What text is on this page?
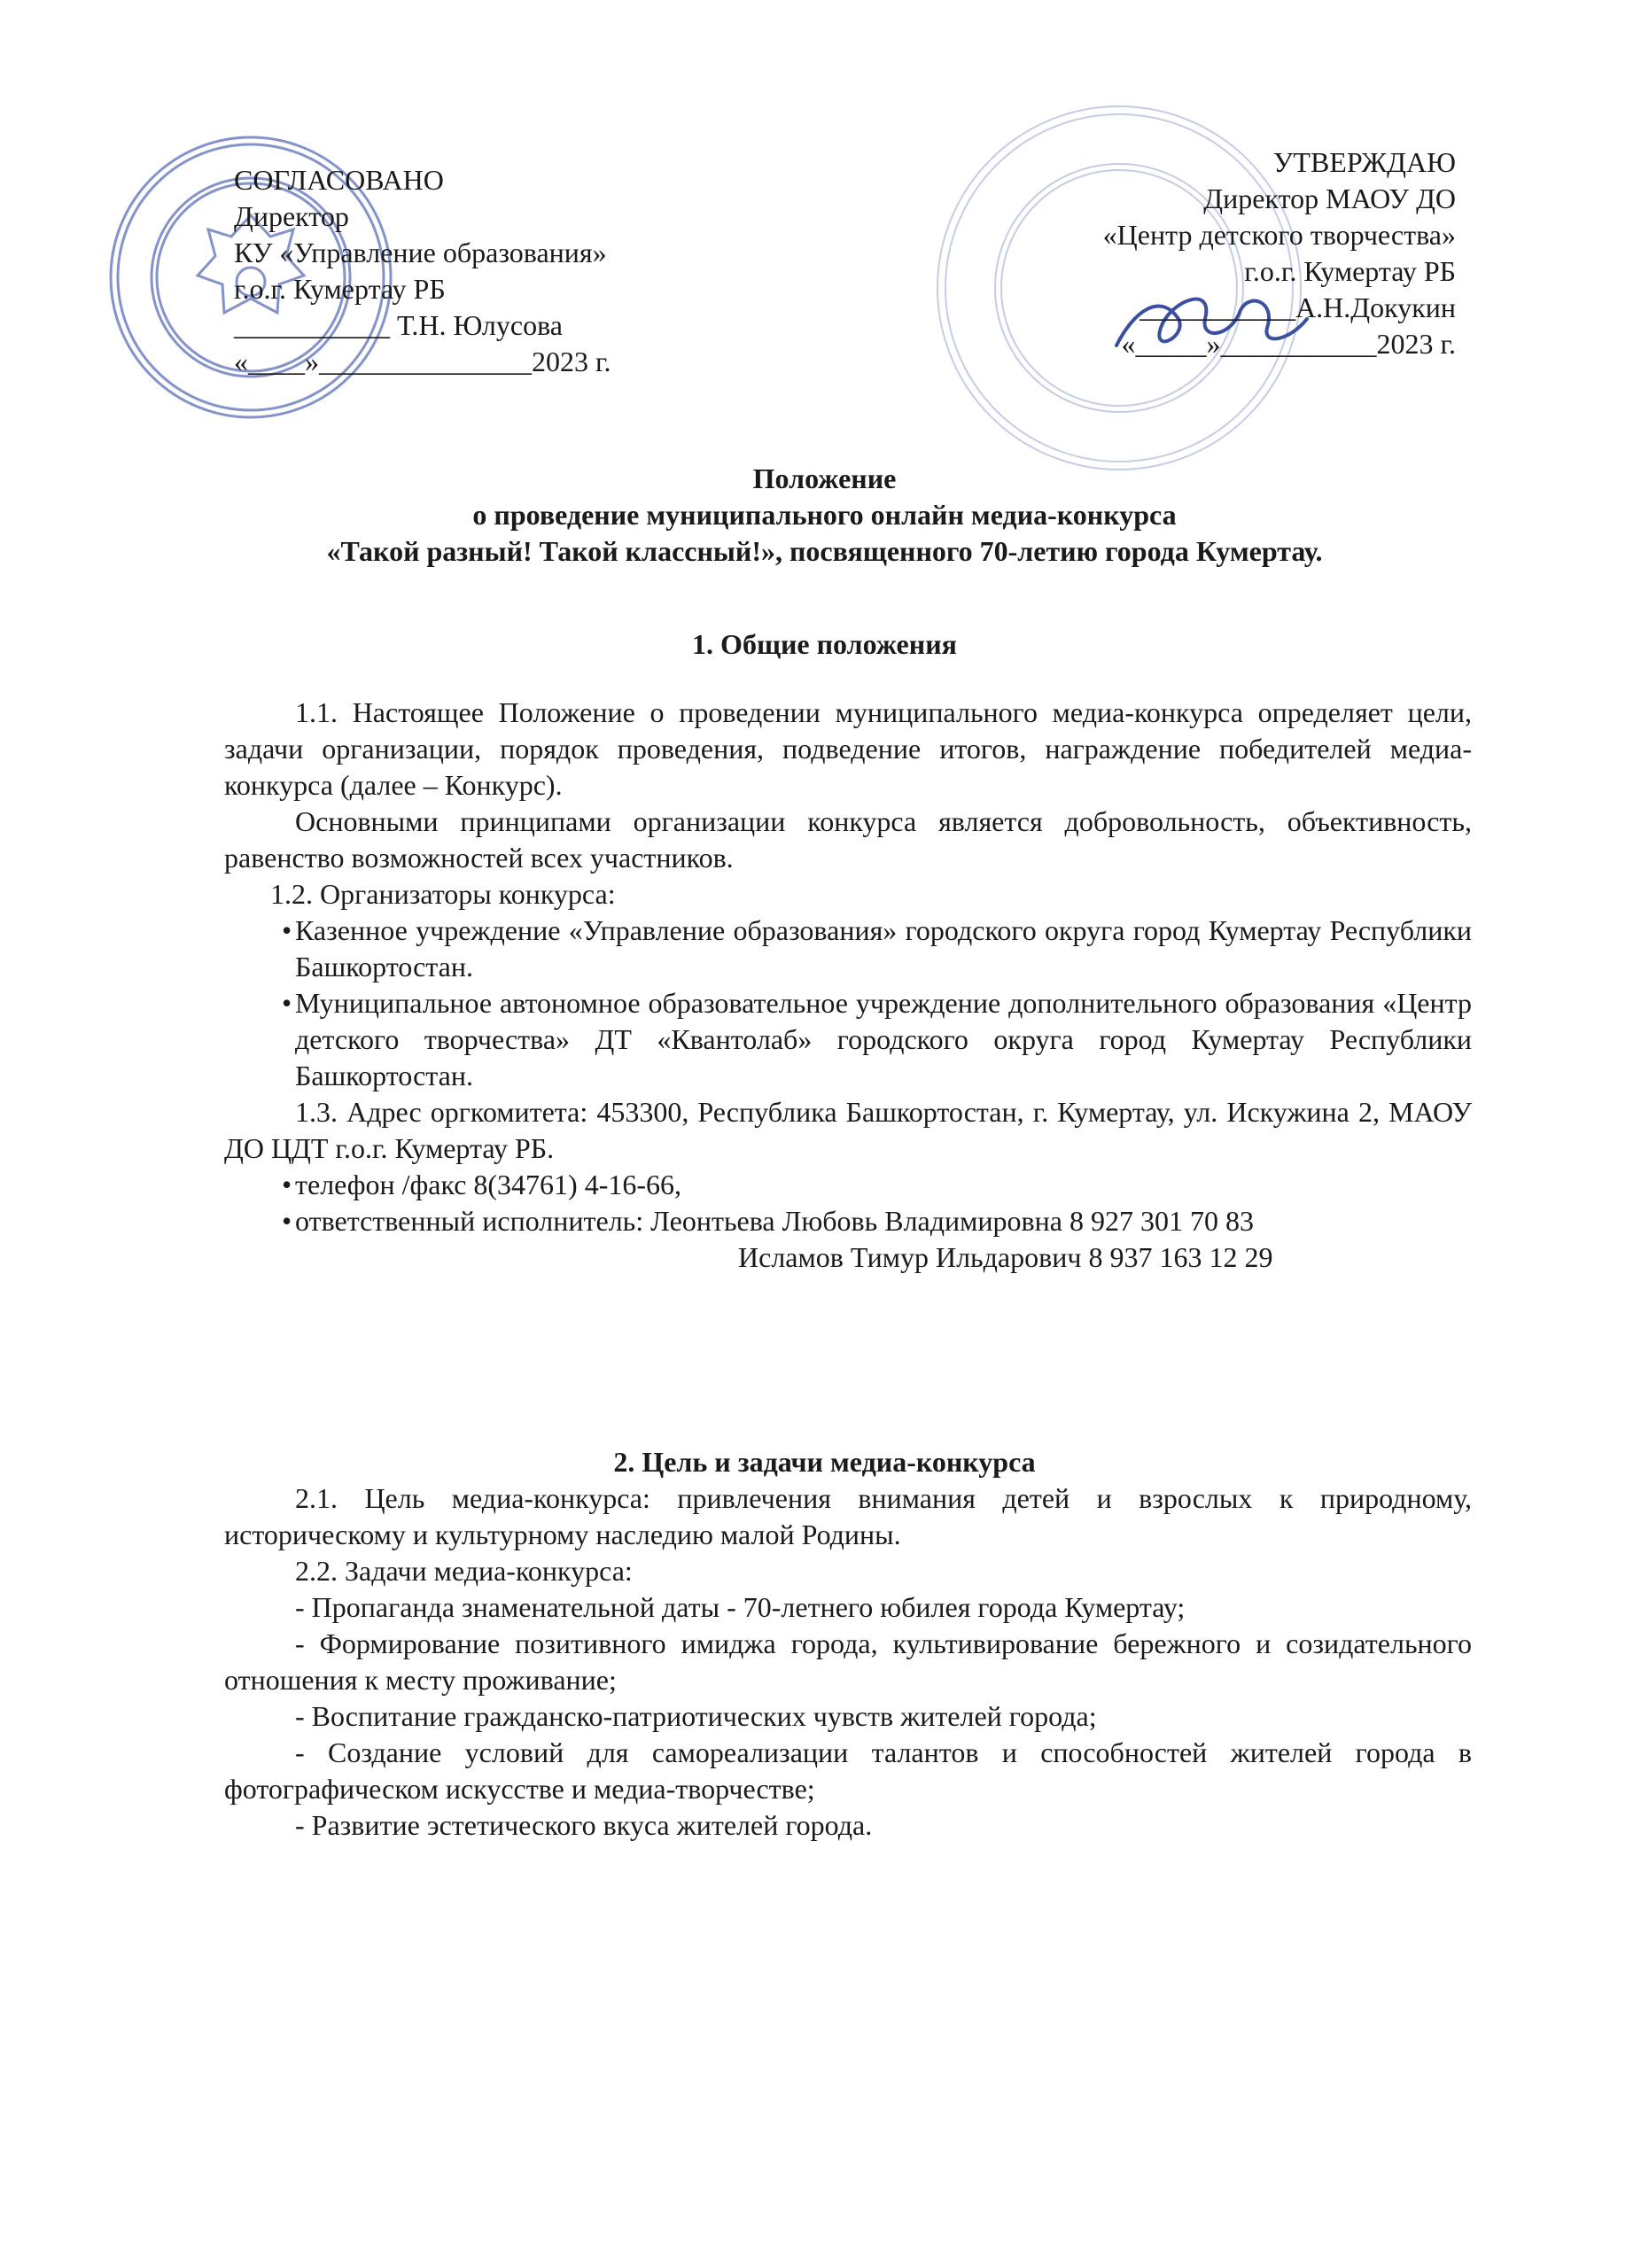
СОГЛАСОВАНО
Директор
КУ «Управление образования»
г.о.г. Кумертау РБ
___________ Т.Н. Юлусова
«____»_______________2023 г.
УТВЕРЖДАЮ
Директор МАОУ ДО
«Центр детского творчества»
г.о.г. Кумертау РБ
___________А.Н.Докукин
«_____»___________2023 г.
Положение
о проведение муниципального онлайн медиа-конкурса
«Такой разный! Такой классный!», посвященного 70-летию города Кумертау.
1. Общие положения

1.1. Настоящее Положение о проведении муниципального медиа-конкурса определяет цели, задачи организации, порядок проведения, подведение итогов, награждение победителей медиа-конкурса (далее – Конкурс).

Основными принципами организации конкурса является добровольность, объективность, равенство возможностей всех участников.

1.2. Организаторы конкурса:

• Казенное учреждение «Управление образования» городского округа город Кумертау Республики Башкортостан.

• Муниципальное автономное образовательное учреждение дополнительного образования «Центр детского творчества» ДТ «Квантолаб» городского округа город Кумертау Республики Башкортостан.

1.3. Адрес оргкомитета: 453300, Республика Башкортостан, г. Кумертау, ул. Искужина 2, МАОУ ДО ЦДТ г.о.г. Кумертау РБ.

• телефон /факс 8(34761) 4-16-66,

• ответственный исполнитель: Леонтьева Любовь Владимировна 8 927 301 70 83

Исламов Тимур Ильдарович 8 937 163 12 29

2. Цель и задачи медиа-конкурса

2.1. Цель медиа-конкурса: привлечения внимания детей и взрослых к природному, историческому и культурному наследию малой Родины.

2.2. Задачи медиа-конкурса:

- Пропаганда знаменательной даты - 70-летнего юбилея города Кумертау;

- Формирование позитивного имиджа города, культивирование бережного и созидательного отношения к месту проживание;

- Воспитание гражданско-патриотических чувств жителей города;

- Создание условий для самореализации талантов и способностей жителей города в фотографическом искусстве и медиа-творчестве;

- Развитие эстетического вкуса жителей города.
